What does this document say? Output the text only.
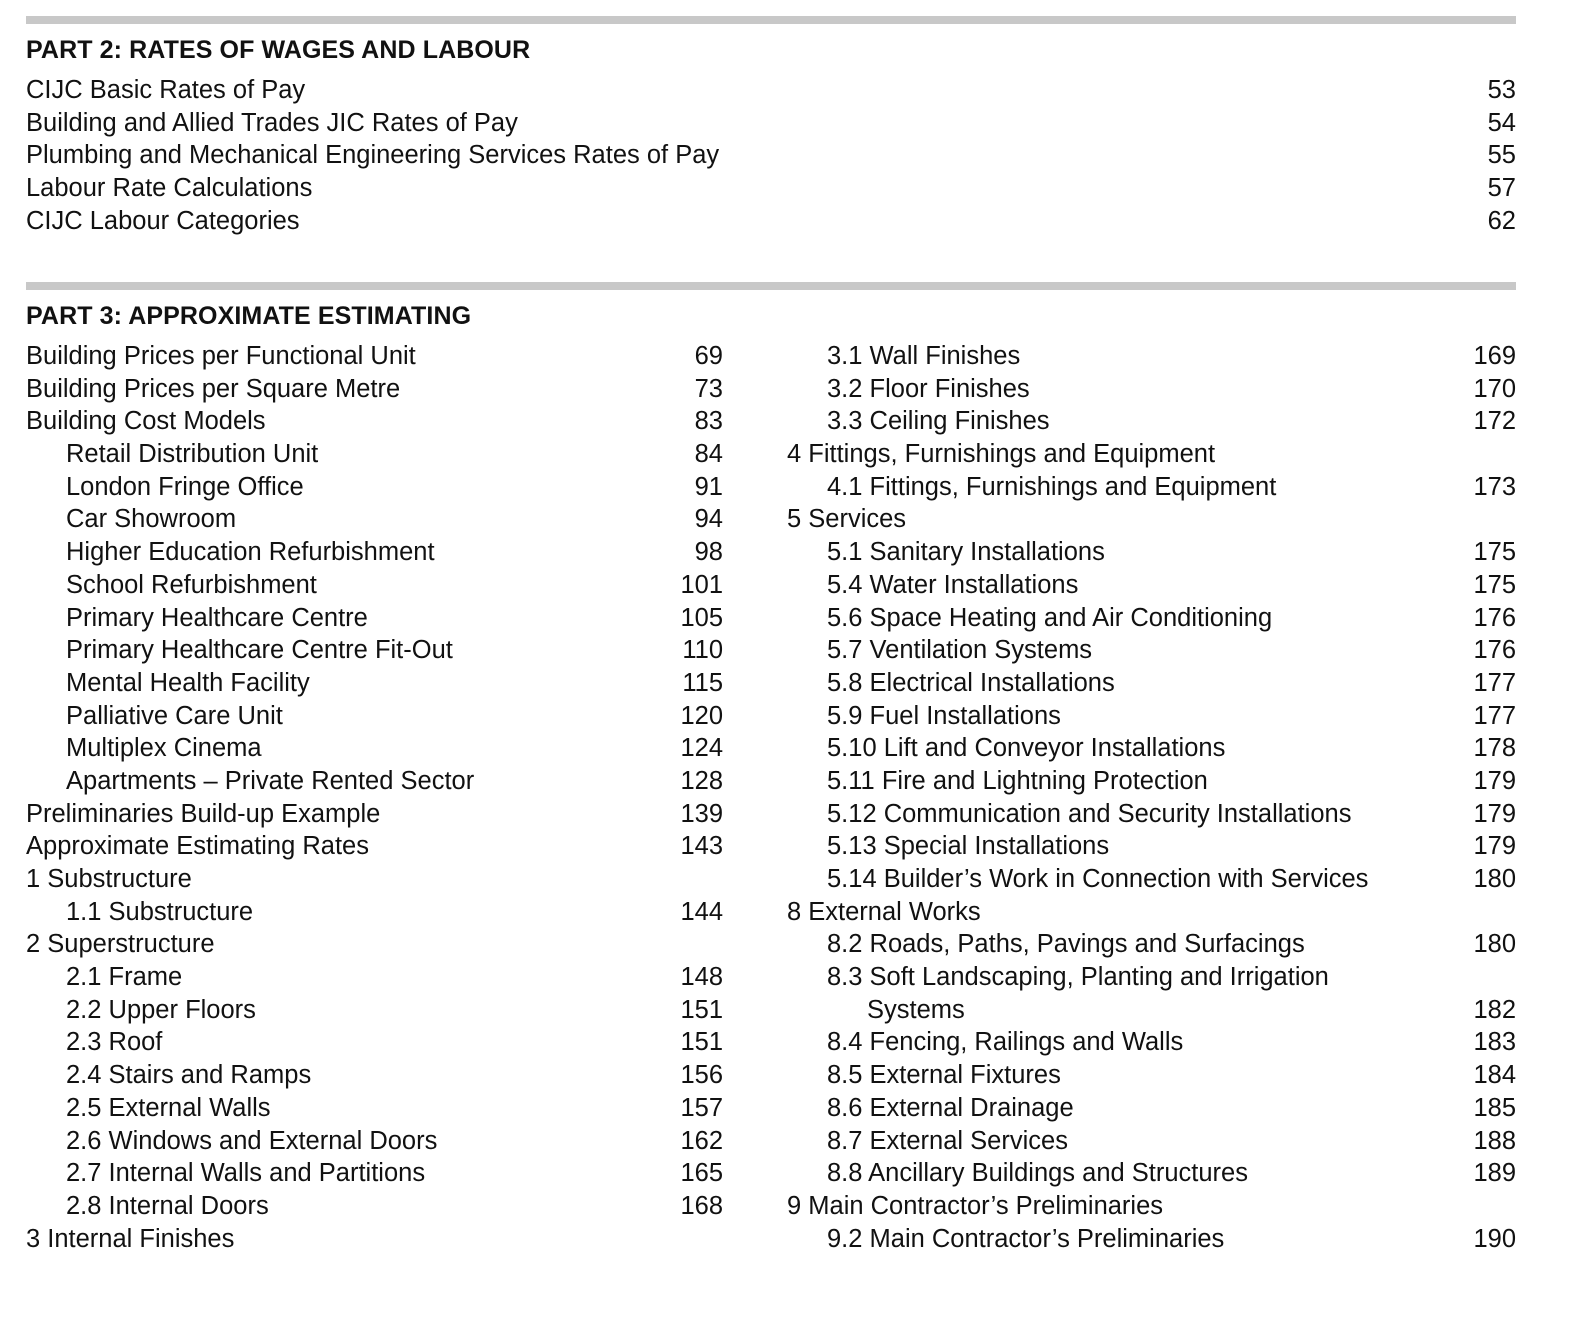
PART 2: RATES OF WAGES AND LABOUR
CIJC Basic Rates of Pay	53
Building and Allied Trades JIC Rates of Pay	54
Plumbing and Mechanical Engineering Services Rates of Pay	55
Labour Rate Calculations	57
CIJC Labour Categories	62
PART 3: APPROXIMATE ESTIMATING
Building Prices per Functional Unit	69
Building Prices per Square Metre	73
Building Cost Models	83
Retail Distribution Unit	84
London Fringe Office	91
Car Showroom	94
Higher Education Refurbishment	98
School Refurbishment	101
Primary Healthcare Centre	105
Primary Healthcare Centre Fit-Out	110
Mental Health Facility	115
Palliative Care Unit	120
Multiplex Cinema	124
Apartments – Private Rented Sector	128
Preliminaries Build-up Example	139
Approximate Estimating Rates	143
1 Substructure
1.1 Substructure	144
2 Superstructure
2.1 Frame	148
2.2 Upper Floors	151
2.3 Roof	151
2.4 Stairs and Ramps	156
2.5 External Walls	157
2.6 Windows and External Doors	162
2.7 Internal Walls and Partitions	165
2.8 Internal Doors	168
3 Internal Finishes
3.1 Wall Finishes	169
3.2 Floor Finishes	170
3.3 Ceiling Finishes	172
4 Fittings, Furnishings and Equipment
4.1 Fittings, Furnishings and Equipment	173
5 Services
5.1 Sanitary Installations	175
5.4 Water Installations	175
5.6 Space Heating and Air Conditioning	176
5.7 Ventilation Systems	176
5.8 Electrical Installations	177
5.9 Fuel Installations	177
5.10 Lift and Conveyor Installations	178
5.11 Fire and Lightning Protection	179
5.12 Communication and Security Installations	179
5.13 Special Installations	179
5.14 Builder’s Work in Connection with Services	180
8 External Works
8.2 Roads, Paths, Pavings and Surfacings	180
8.3 Soft Landscaping, Planting and Irrigation
Systems	182
8.4 Fencing, Railings and Walls	183
8.5 External Fixtures	184
8.6 External Drainage	185
8.7 External Services	188
8.8 Ancillary Buildings and Structures	189
9 Main Contractor’s Preliminaries
9.2 Main Contractor’s Preliminaries	190
